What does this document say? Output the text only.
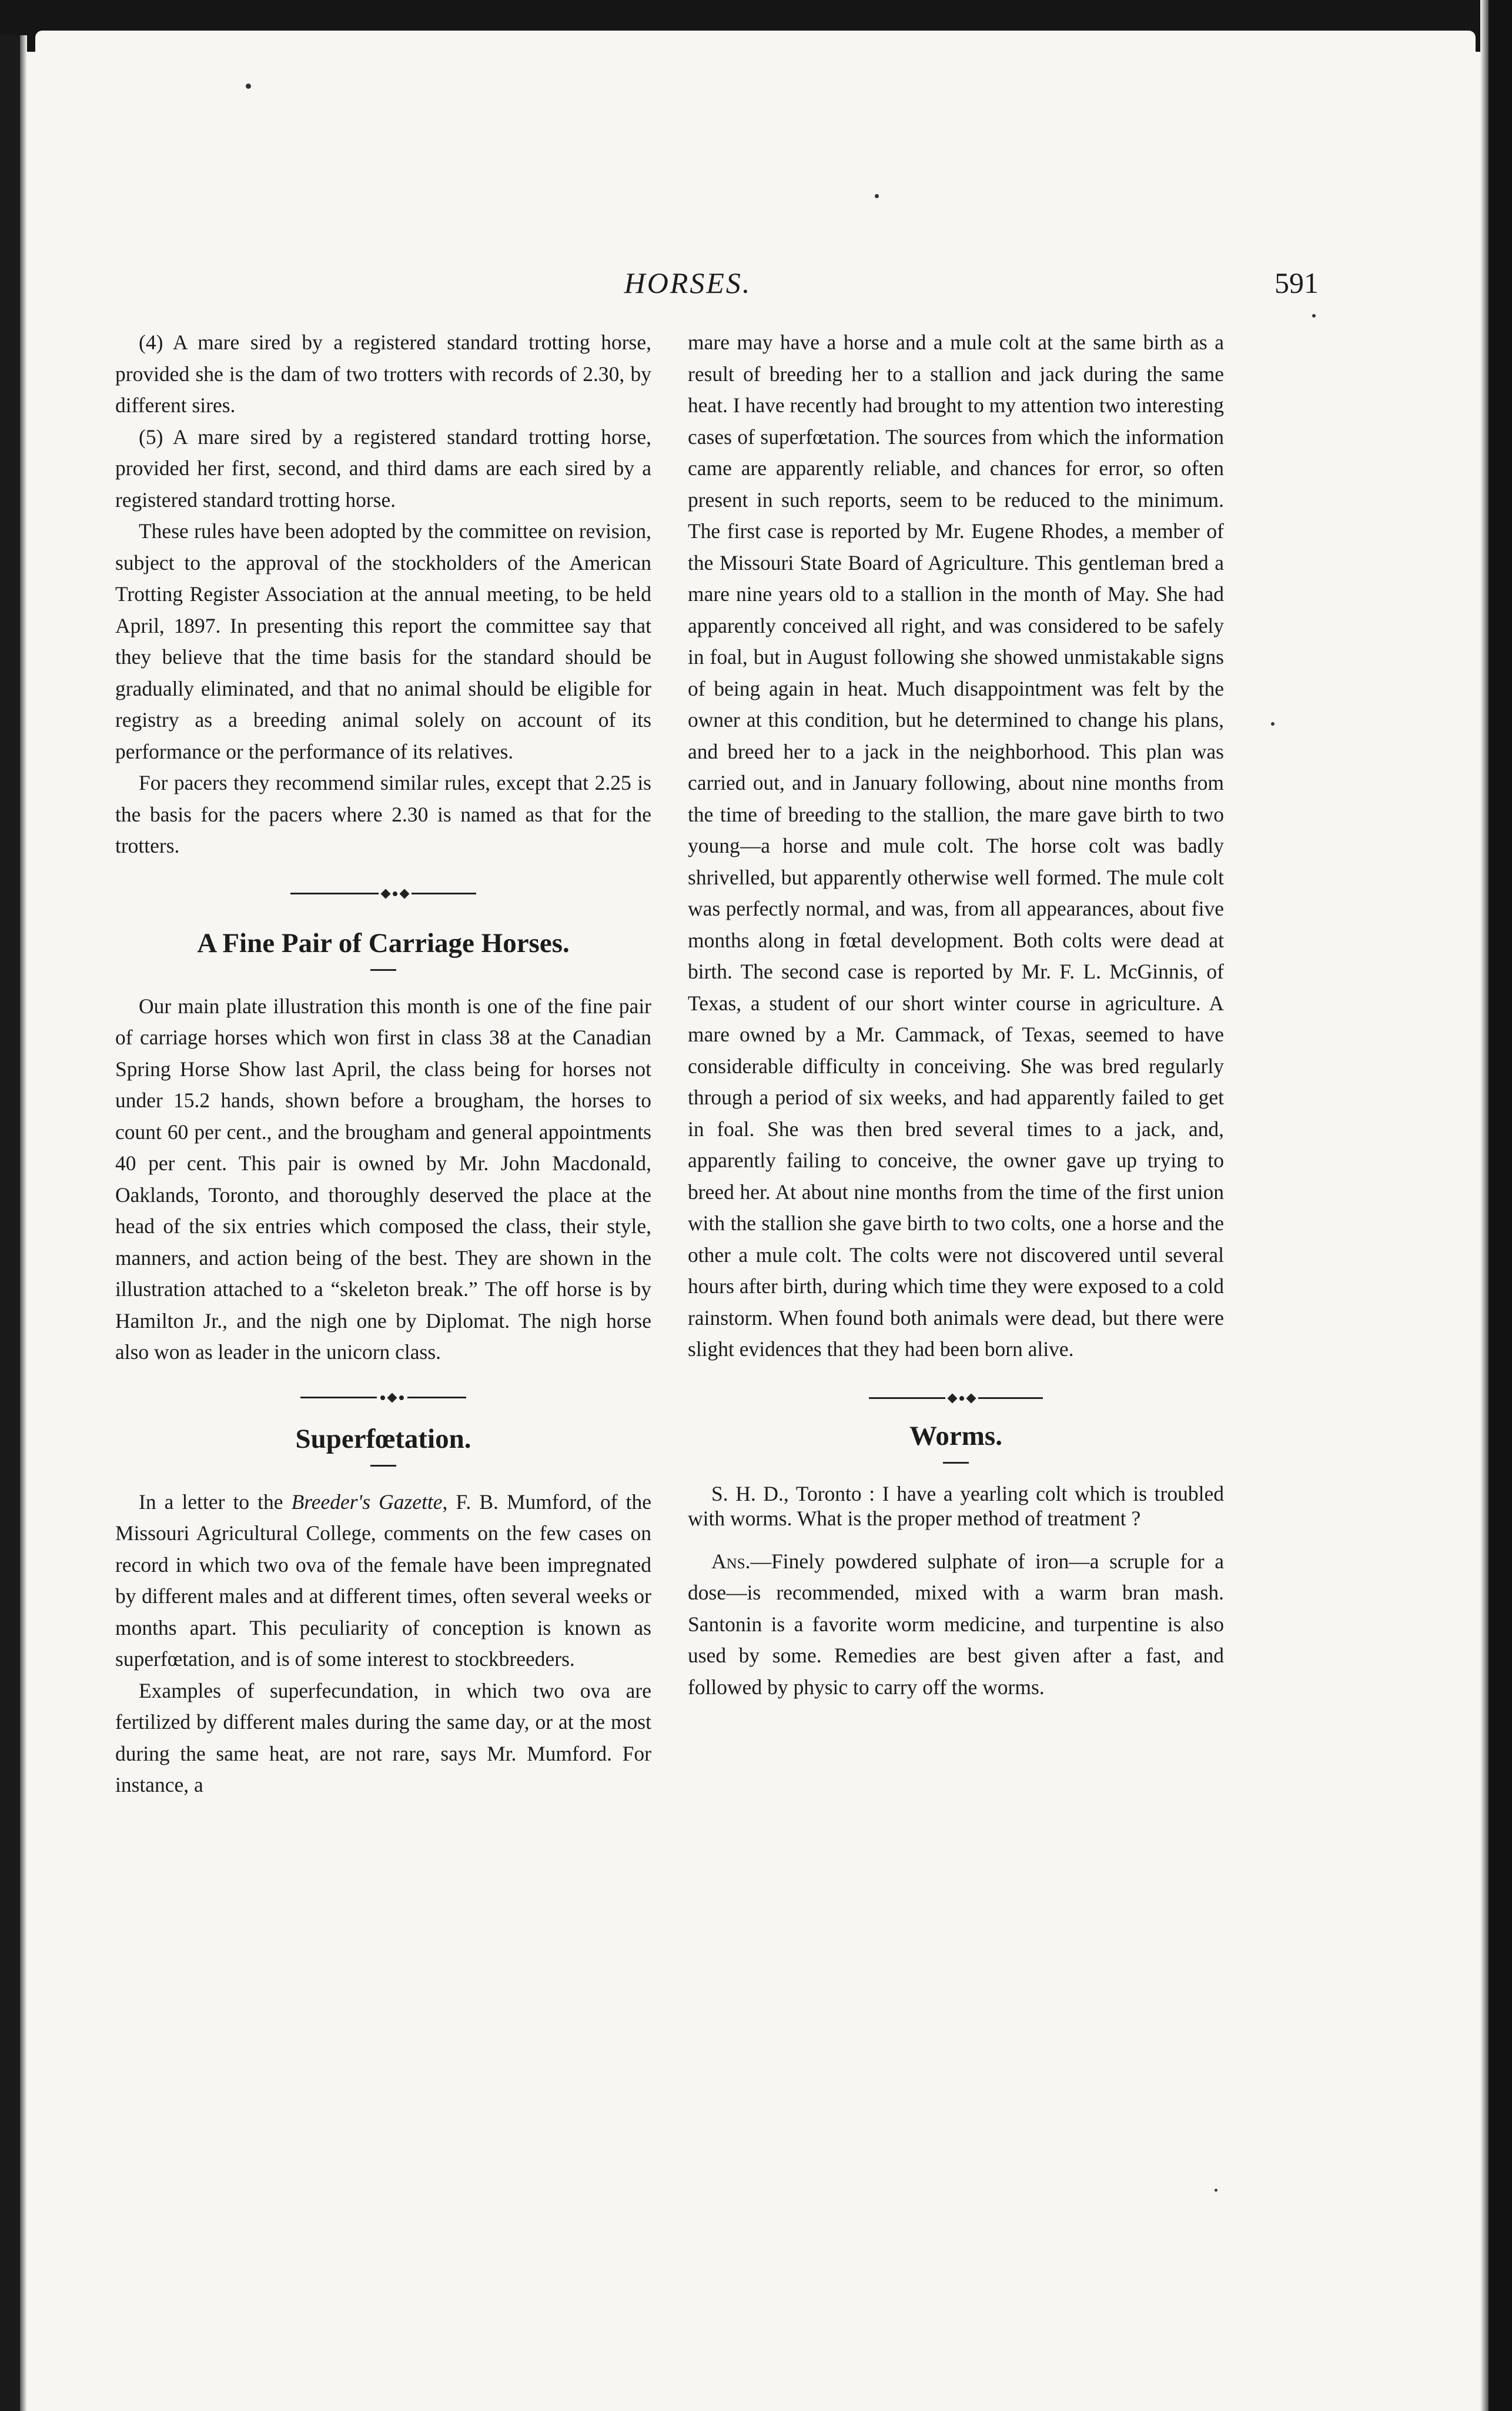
HORSES.	591

(4) A mare sired by a registered standard trotting horse, provided she is the dam of two trotters with records of 2.30, by different sires.

(5) A mare sired by a registered standard trotting horse, provided her first, second, and third dams are each sired by a registered standard trotting horse.

These rules have been adopted by the committee on revision, subject to the approval of the stockholders of the American Trotting Register Association at the annual meeting, to be held April, 1897. In presenting this report the committee say that they believe that the time basis for the standard should be gradually eliminated, and that no animal should be eligible for registry as a breeding animal solely on account of its performance or the performance of its relatives.

For pacers they recommend similar rules, except that 2.25 is the basis for the pacers where 2.30 is named as that for the trotters.

A Fine Pair of Carriage Horses.

Our main plate illustration this month is one of the fine pair of carriage horses which won first in class 38 at the Canadian Spring Horse Show last April, the class being for horses not under 15.2 hands, shown before a brougham, the horses to count 60 per cent., and the brougham and general appointments 40 per cent. This pair is owned by Mr. John Macdonald, Oaklands, Toronto, and thoroughly deserved the place at the head of the six entries which composed the class, their style, manners, and action being of the best. They are shown in the illustration attached to a “skeleton break.” The off horse is by Hamilton Jr., and the nigh one by Diplomat. The nigh horse also won as leader in the unicorn class.

Superfœtation.

In a letter to the Breeder's Gazette, F. B. Mumford, of the Missouri Agricultural College, comments on the few cases on record in which two ova of the female have been impregnated by different males and at different times, often several weeks or months apart. This peculiarity of conception is known as superfœtation, and is of some interest to stockbreeders.

Examples of superfecundation, in which two ova are fertilized by different males during the same day, or at the most during the same heat, are not rare, says Mr. Mumford. For instance, a

mare may have a horse and a mule colt at the same birth as a result of breeding her to a stallion and jack during the same heat. I have recently had brought to my attention two interesting cases of superfœtation. The sources from which the information came are apparently reliable, and chances for error, so often present in such reports, seem to be reduced to the minimum. The first case is reported by Mr. Eugene Rhodes, a member of the Missouri State Board of Agriculture. This gentleman bred a mare nine years old to a stallion in the month of May. She had apparently conceived all right, and was considered to be safely in foal, but in August following she showed unmistakable signs of being again in heat. Much disappointment was felt by the owner at this condition, but he determined to change his plans, and breed her to a jack in the neighborhood. This plan was carried out, and in January following, about nine months from the time of breeding to the stallion, the mare gave birth to two young—a horse and mule colt. The horse colt was badly shrivelled, but apparently otherwise well formed. The mule colt was perfectly normal, and was, from all appearances, about five months along in fœtal development. Both colts were dead at birth. The second case is reported by Mr. F. L. McGinnis, of Texas, a student of our short winter course in agriculture. A mare owned by a Mr. Cammack, of Texas, seemed to have considerable difficulty in conceiving. She was bred regularly through a period of six weeks, and had apparently failed to get in foal. She was then bred several times to a jack, and, apparently failing to conceive, the owner gave up trying to breed her. At about nine months from the time of the first union with the stallion she gave birth to two colts, one a horse and the other a mule colt. The colts were not discovered until several hours after birth, during which time they were exposed to a cold rainstorm. When found both animals were dead, but there were slight evidences that they had been born alive.

Worms.

S. H. D., Toronto : I have a yearling colt which is troubled with worms. What is the proper method of treatment ?

Ans.—Finely powdered sulphate of iron—a scruple for a dose—is recommended, mixed with a warm bran mash. Santonin is a favorite worm medicine, and turpentine is also used by some. Remedies are best given after a fast, and followed by physic to carry off the worms.
